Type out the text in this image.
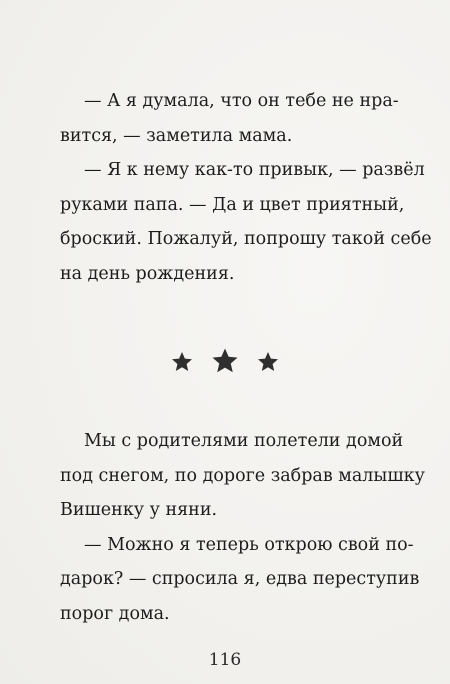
— А я думала, что он тебе не нра-
вится, — заметила мама.

— Я к нему как-то привык, — развёл
руками папа. — Да и цвет приятный,
броский. Пожалуй, попрошу такой себе
на день рождения.

Мы с родителями полетели домой
под снегом, по дороге забрав малышку
Вишенку у няни.

— Можно я теперь открою свой по-
дарок? — спросила я, едва переступив
порог дома.

116
